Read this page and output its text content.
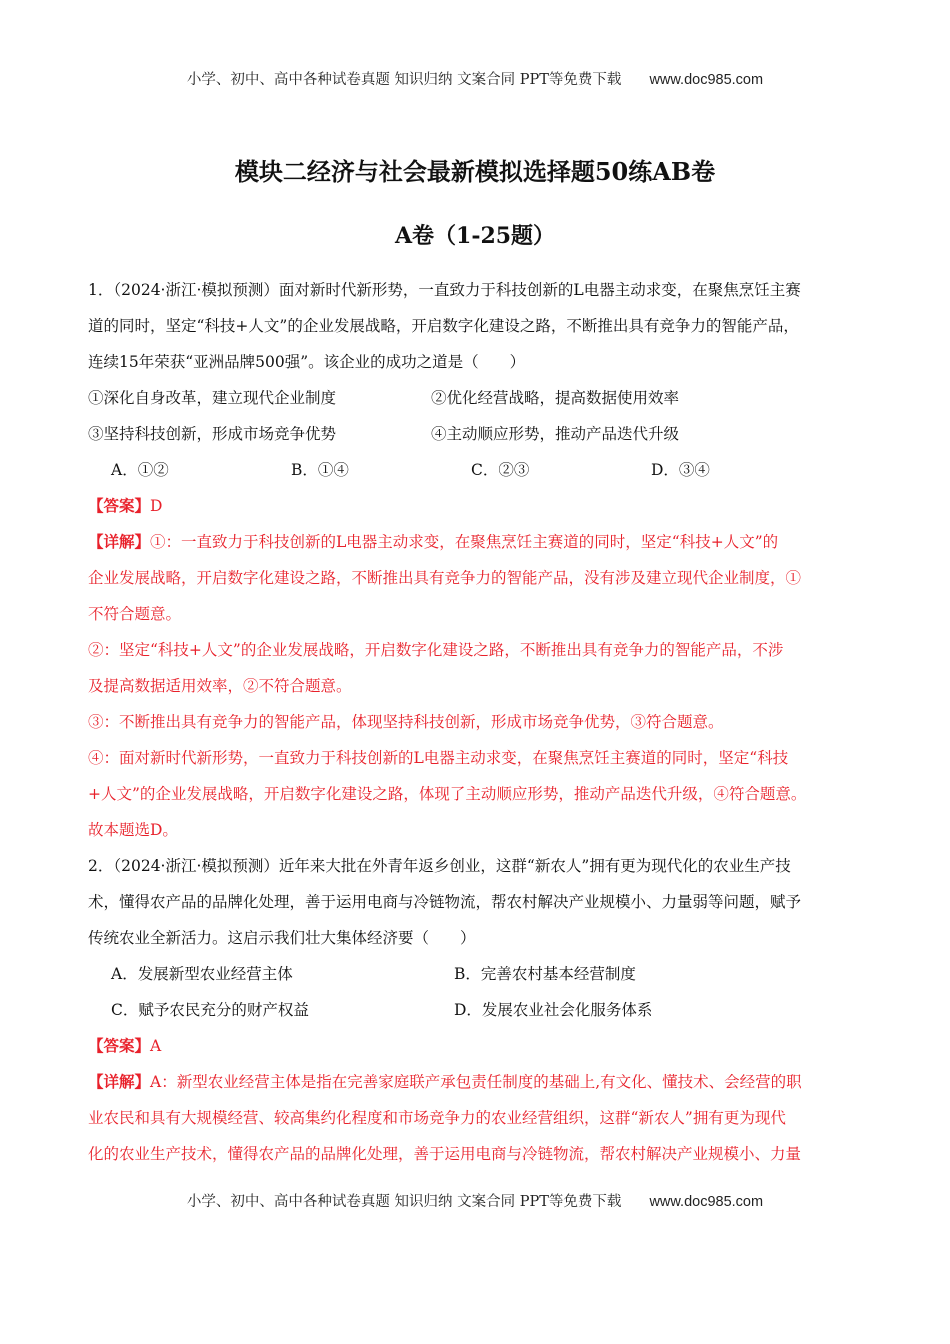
小学、初中、高中各种试卷真题 知识归纳 文案合同 PPT等免费下载 www.doc985.com
模块二经济与社会最新模拟选择题50练AB卷
A卷（1-25题）

1．（2024·浙江·模拟预测）面对新时代新形势，一直致力于科技创新的L电器主动求变，在聚焦烹饪主赛

道的同时，坚定“科技+人文”的企业发展战略，开启数字化建设之路，不断推出具有竞争力的智能产品，

连续15年荣获“亚洲品牌500强”。该企业的成功之道是（　　）

①深化自身改革，建立现代企业制度	②优化经营战略，提高数据使用效率
③坚持科技创新，形成市场竞争优势	④主动顺应形势，推动产品迭代升级
A．①②	B．①④	C．②③	D．③④

【答案】D

【详解】①：一直致力于科技创新的L电器主动求变，在聚焦烹饪主赛道的同时，坚定“科技+人文”的

企业发展战略，开启数字化建设之路，不断推出具有竞争力的智能产品，没有涉及建立现代企业制度，①

不符合题意。

②：坚定“科技+人文”的企业发展战略，开启数字化建设之路，不断推出具有竞争力的智能产品，不涉

及提高数据适用效率，②不符合题意。

③：不断推出具有竞争力的智能产品，体现坚持科技创新，形成市场竞争优势，③符合题意。

④：面对新时代新形势，一直致力于科技创新的L电器主动求变，在聚焦烹饪主赛道的同时，坚定“科技

+人文”的企业发展战略，开启数字化建设之路，体现了主动顺应形势，推动产品迭代升级，④符合题意。

故本题选D。

2．（2024·浙江·模拟预测）近年来大批在外青年返乡创业，这群“新农人”拥有更为现代化的农业生产技

术，懂得农产品的品牌化处理，善于运用电商与冷链物流，帮农村解决产业规模小、力量弱等问题，赋予

传统农业全新活力。这启示我们壮大集体经济要（　　）

A．发展新型农业经营主体	B．完善农村基本经营制度
C．赋予农民充分的财产权益	D．发展农业社会化服务体系

【答案】A

【详解】A：新型农业经营主体是指在完善家庭联产承包责任制度的基础上,有文化、懂技术、会经营的职

业农民和具有大规模经营、较高集约化程度和市场竞争力的农业经营组织，这群“新农人”拥有更为现代

化的农业生产技术，懂得农产品的品牌化处理，善于运用电商与冷链物流，帮农村解决产业规模小、力量

小学、初中、高中各种试卷真题 知识归纳 文案合同 PPT等免费下载 www.doc985.com
